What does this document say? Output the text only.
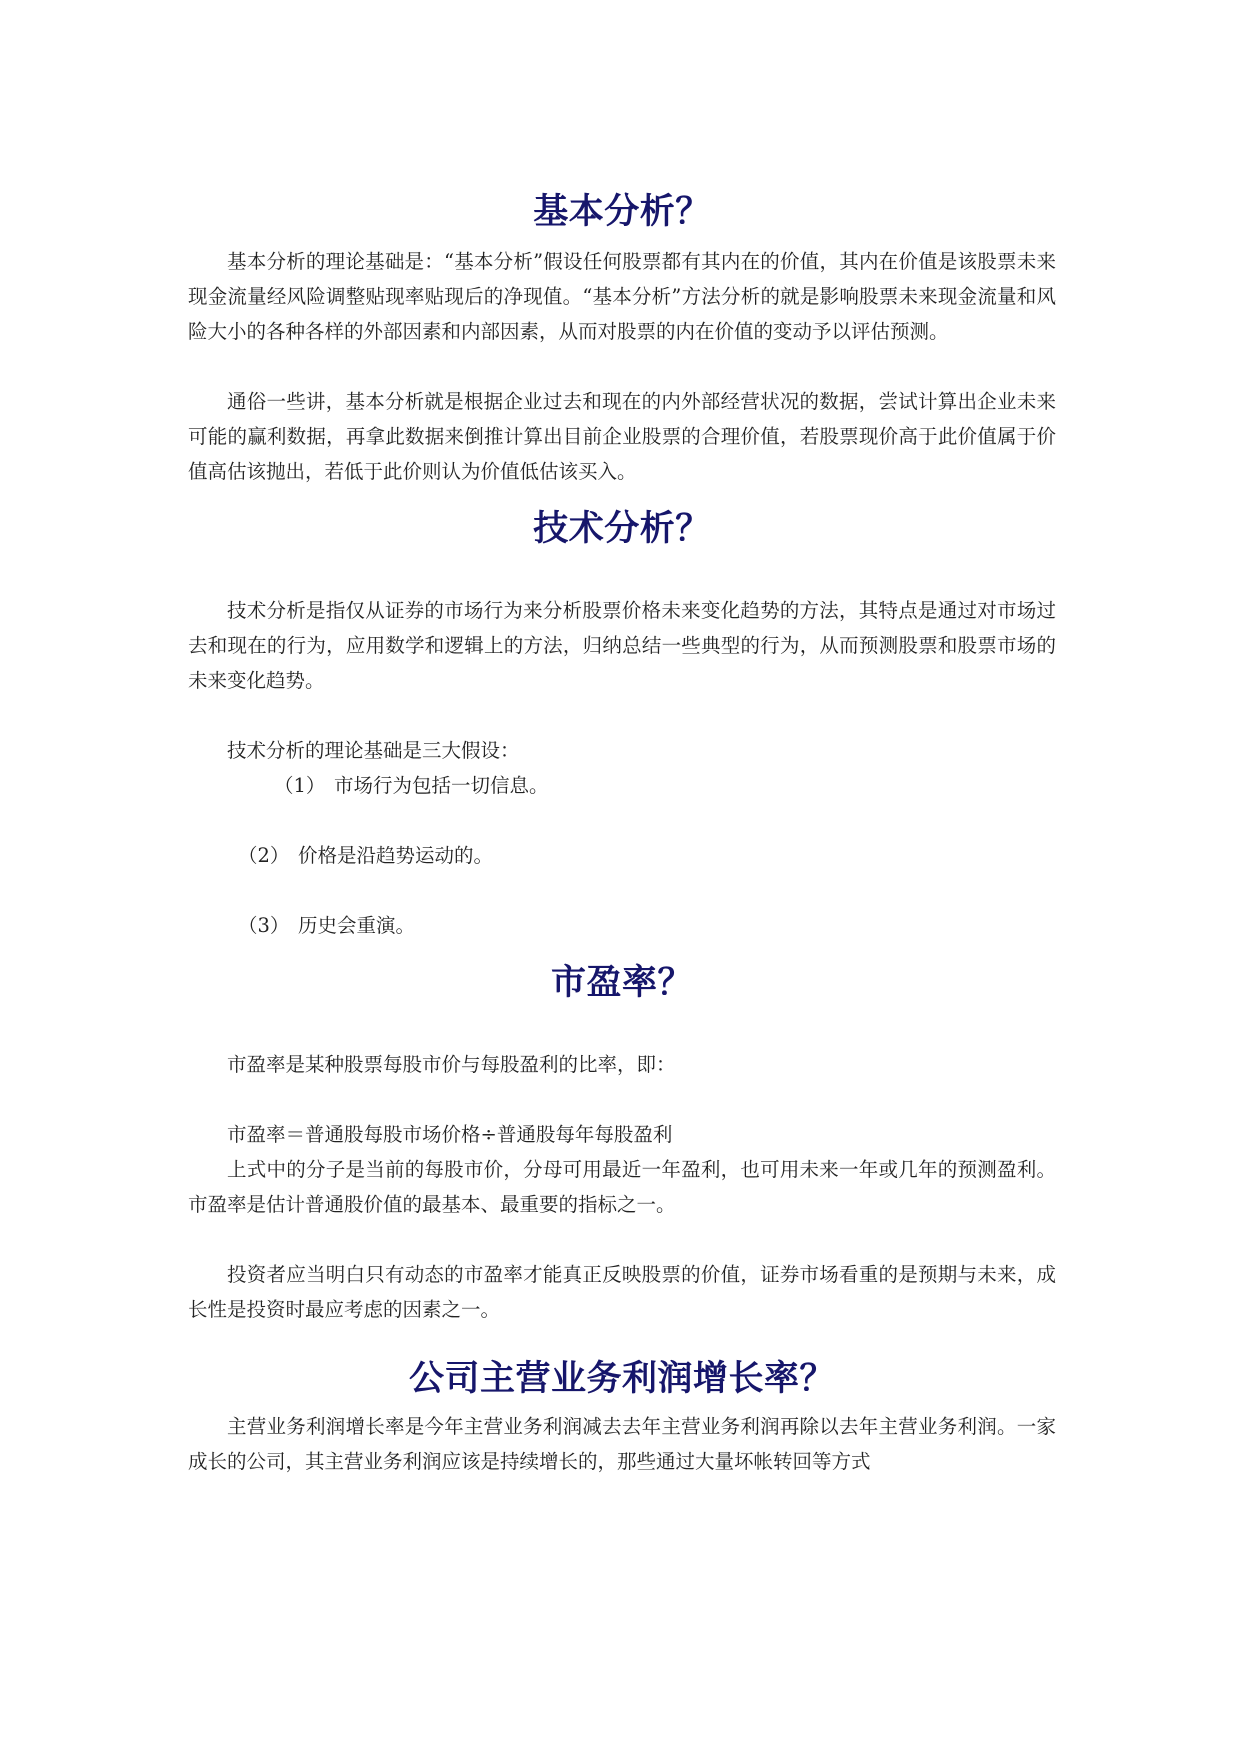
基本分析？

基本分析的理论基础是：“基本分析”假设任何股票都有其内在的价值，其内在价值是该股票未来现金流量经风险调整贴现率贴现后的净现值。“基本分析”方法分析的就是影响股票未来现金流量和风险大小的各种各样的外部因素和内部因素，从而对股票的内在价值的变动予以评估预测。

通俗一些讲，基本分析就是根据企业过去和现在的内外部经营状况的数据，尝试计算出企业未来可能的赢利数据，再拿此数据来倒推计算出目前企业股票的合理价值，若股票现价高于此价值属于价值高估该抛出，若低于此价则认为价值低估该买入。

技术分析？

技术分析是指仅从证券的市场行为来分析股票价格未来变化趋势的方法，其特点是通过对市场过去和现在的行为，应用数学和逻辑上的方法，归纳总结一些典型的行为，从而预测股票和股票市场的未来变化趋势。

技术分析的理论基础是三大假设：

（1） 市场行为包括一切信息。

（2） 价格是沿趋势运动的。

（3） 历史会重演。

市盈率？

市盈率是某种股票每股市价与每股盈利的比率，即：

市盈率＝普通股每股市场价格÷普通股每年每股盈利

上式中的分子是当前的每股市价，分母可用最近一年盈利，也可用未来一年或几年的预测盈利。市盈率是估计普通股价值的最基本、最重要的指标之一。

投资者应当明白只有动态的市盈率才能真正反映股票的价值，证券市场看重的是预期与未来，成长性是投资时最应考虑的因素之一。

公司主营业务利润增长率？

主营业务利润增长率是今年主营业务利润减去去年主营业务利润再除以去年主营业务利润。一家成长的公司，其主营业务利润应该是持续增长的，那些通过大量坏帐转回等方式
